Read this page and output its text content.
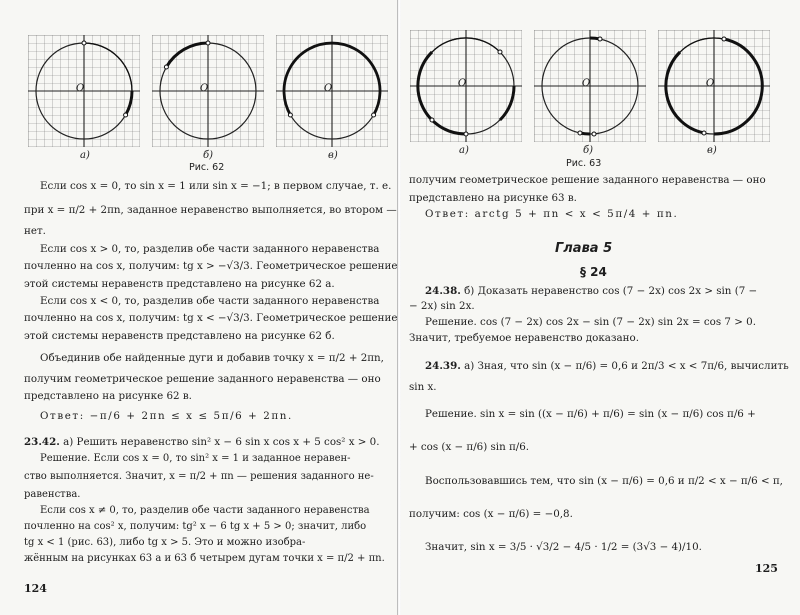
O
а)
O
б)
O
в)
Рис. 62
Если cos x = 0, то sin x = 1 или sin x = −1; в первом случае, т. е.
при x = π/2 + 2πn, заданное неравенство выполняется, во втором —
нет.
Если cos x > 0, то, разделив обе части заданного неравенства
почленно на cos x, получим: tg x > −√3/3. Геометрическое решение
этой системы неравенств представлено на рисунке 62 а.
Если cos x < 0, то, разделив обе части заданного неравенства
почленно на cos x, получим: tg x < −√3/3. Геометрическое решение
этой системы неравенств представлено на рисунке 62 б.
Объединив обе найденные дуги и добавив точку x = π/2 + 2πn,
получим геометрическое решение заданного неравенства — оно
представлено на рисунке 62 в.
Ответ: −π/6 + 2πn ≤ x ≤ 5π/6 + 2πn.
23.42. а) Решить неравенство sin² x − 6 sin x cos x + 5 cos² x > 0.
Решение. Если cos x = 0, то sin² x = 1 и заданное неравен-
ство выполняется. Значит, x = π/2 + πn — решения заданного не-
равенства.
Если cos x ≠ 0, то, разделив обе части заданного неравенства
почленно на cos² x, получим: tg² x − 6 tg x + 5 > 0; значит, либо
tg x < 1 (рис. 63), либо tg x > 5. Это и можно изобра-
жённым на рисунках 63 а и 63 б четырем дугам точки x = π/2 + πn.
124
O
а)
O
б)
O
в)
Рис. 63
получим геометрическое решение заданного неравенства — оно
представлено на рисунке 63 в.
Ответ: arctg 5 + πn < x < 5π/4 + πn.
Глава 5
§ 24
24.38. б) Доказать неравенство cos (7 − 2x) cos 2x > sin (7 −
− 2x) sin 2x.
Решение. cos (7 − 2x) cos 2x − sin (7 − 2x) sin 2x = cos 7 > 0.
Значит, требуемое неравенство доказано.
24.39. а) Зная, что sin (x − π/6) = 0,6 и 2π/3 < x < 7π/6, вычислить
sin x.
Решение. sin x = sin ((x − π/6) + π/6) = sin (x − π/6) cos π/6 +
+ cos (x − π/6) sin π/6.
Воспользовавшись тем, что sin (x − π/6) = 0,6 и π/2 < x − π/6 < π,
получим: cos (x − π/6) = −0,8.
Значит, sin x = 3/5 · √3/2 − 4/5 · 1/2 = (3√3 − 4)/10.
125
